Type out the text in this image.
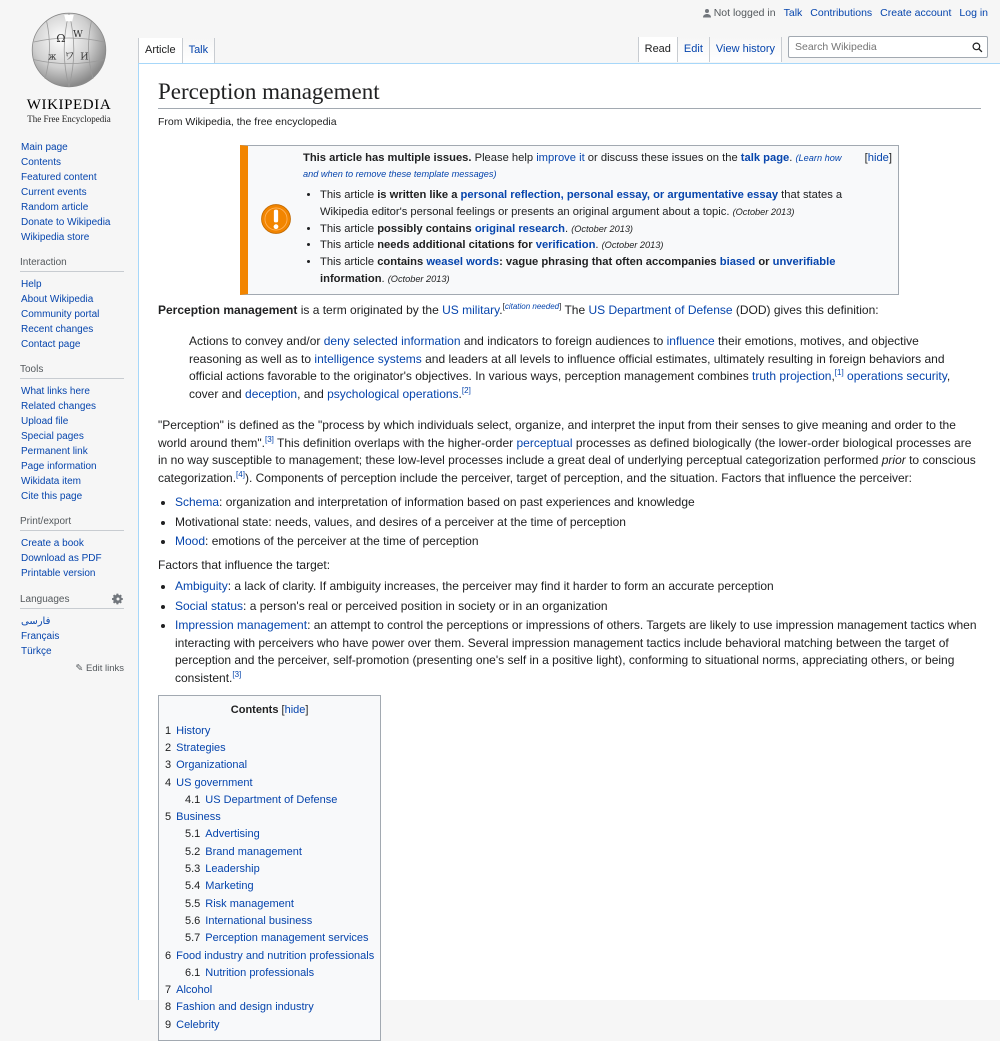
Not logged in Talk Contributions Create account Log in
Ω W
ワ И
ж
WIKIPEDIA
The Free Encyclopedia
Main page
Contents
Featured content
Current events
Random article
Donate to Wikipedia
Wikipedia store
Interaction
Help
About Wikipedia
Community portal
Recent changes
Contact page
Tools
What links here
Related changes
Upload file
Special pages
Permanent link
Page information
Wikidata item
Cite this page
Print/export
Create a book
Download as PDF
Printable version
Languages
فارسی
Français
Türkçe
✎ Edit links
Article	Talk	Read	Edit	View history
Search Wikipedia
Perception management
From Wikipedia, the free encyclopedia
This article has multiple issues. Please help improve it or discuss these issues on the talk page. (Learn how and when to remove these template messages)
[hide]
• This article is written like a personal reflection, personal essay, or argumentative essay that states a Wikipedia editor's personal feelings or presents an original argument about a topic. (October 2013)
• This article possibly contains original research. (October 2013)
• This article needs additional citations for verification. (October 2013)
• This article contains weasel words: vague phrasing that often accompanies biased or unverifiable information. (October 2013)

Perception management is a term originated by the US military.[citation needed] The US Department of Defense (DOD) gives this definition:

Actions to convey and/or deny selected information and indicators to foreign audiences to influence their emotions, motives, and objective reasoning as well as to intelligence systems and leaders at all levels to influence official estimates, ultimately resulting in foreign behaviors and official actions favorable to the originator's objectives. In various ways, perception management combines truth projection,[1] operations security, cover and deception, and psychological operations.[2]

"Perception" is defined as the "process by which individuals select, organize, and interpret the input from their senses to give meaning and order to the world around them".[3] This definition overlaps with the higher-order perceptual processes as defined biologically (the lower-order biological processes are in no way susceptible to management; these low-level processes include a great deal of underlying perceptual categorization performed prior to conscious categorization.[4]). Components of perception include the perceiver, target of perception, and the situation. Factors that influence the perceiver:

• Schema: organization and interpretation of information based on past experiences and knowledge
• Motivational state: needs, values, and desires of a perceiver at the time of perception
• Mood: emotions of the perceiver at the time of perception

Factors that influence the target:

• Ambiguity: a lack of clarity. If ambiguity increases, the perceiver may find it harder to form an accurate perception
• Social status: a person's real or perceived position in society or in an organization
• Impression management: an attempt to control the perceptions or impressions of others. Targets are likely to use impression management tactics when interacting with perceivers who have power over them. Several impression management tactics include behavioral matching between the target of perception and the perceiver, self-promotion (presenting one's self in a positive light), conforming to situational norms, appreciating others, or being consistent.[3]
Contents [hide]
1 History
2 Strategies
3 Organizational
4 US government
4.1 US Department of Defense
5 Business
5.1 Advertising
5.2 Brand management
5.3 Leadership
5.4 Marketing
5.5 Risk management
5.6 International business
5.7 Perception management services
6 Food industry and nutrition professionals
6.1 Nutrition professionals
7 Alcohol
8 Fashion and design industry
9 Celebrity
